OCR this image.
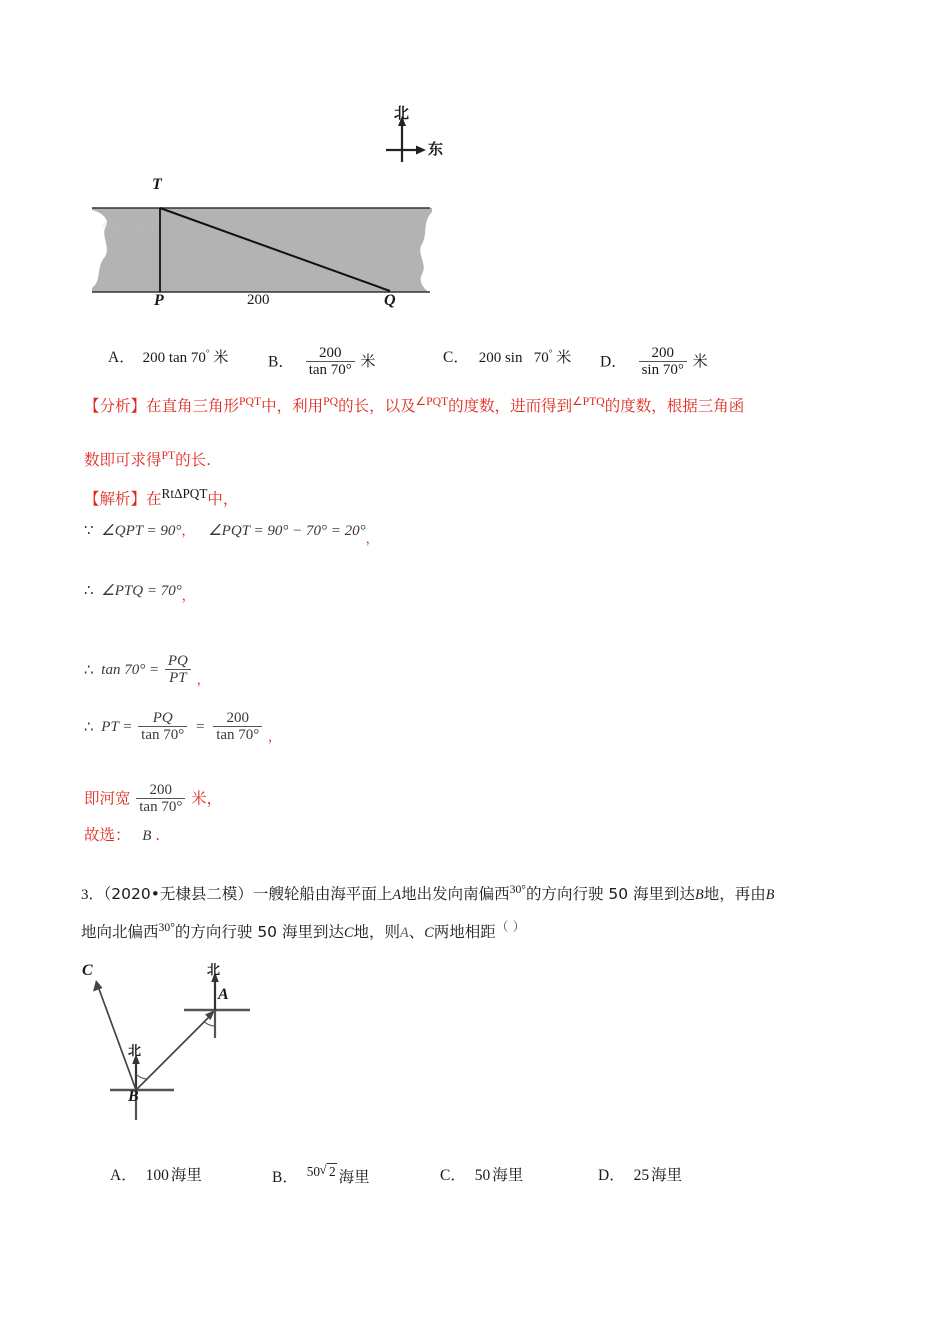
北
东
T
P	Q
200
学科网 学科
A． 200 tan 70° 米	B． $\frac{200}{\tan 70^\circ}$ 米	C． 200 sin   70° 米 D． $\frac{200}{\sin 70^\circ}$ 米
【分析】在直角三角形$^{PQT}$中，利用$^{PQ}$的长，以及$^{\angle PQT}$的度数，进而得到$^{\angle PTQ}$的度数，根据三角函
数即可求得$^{PT}$的长.
【解析】在RtΔPQT中，
∵ ∠QPT = 90°， ∠PQT = 90° − 70° = 20°，
∴ ∠PTQ = 70°，
∴ $\tan 70^\circ = \frac{PQ}{PT}$ ，
∴ PT = $\frac{PQ}{\tan 70^\circ} = \frac{200}{\tan 70^\circ}$ ，
即河宽 $\frac{200}{\tan 70^\circ}$ 米，
故选： B .
3．（2020•无棣县二模）一艘轮船由海平面上A地出发向南偏西$^{30^\circ}$的方向行驶 50 海里到达B地，再由B
地向北偏西$^{30^\circ}$的方向行驶 50 海里到达C地，则A、C两地相距（ ）
C
B
A
北
北
A． 100 海里	B． 50 √ 2 海里	C． 50 海里	D． 25 海里
